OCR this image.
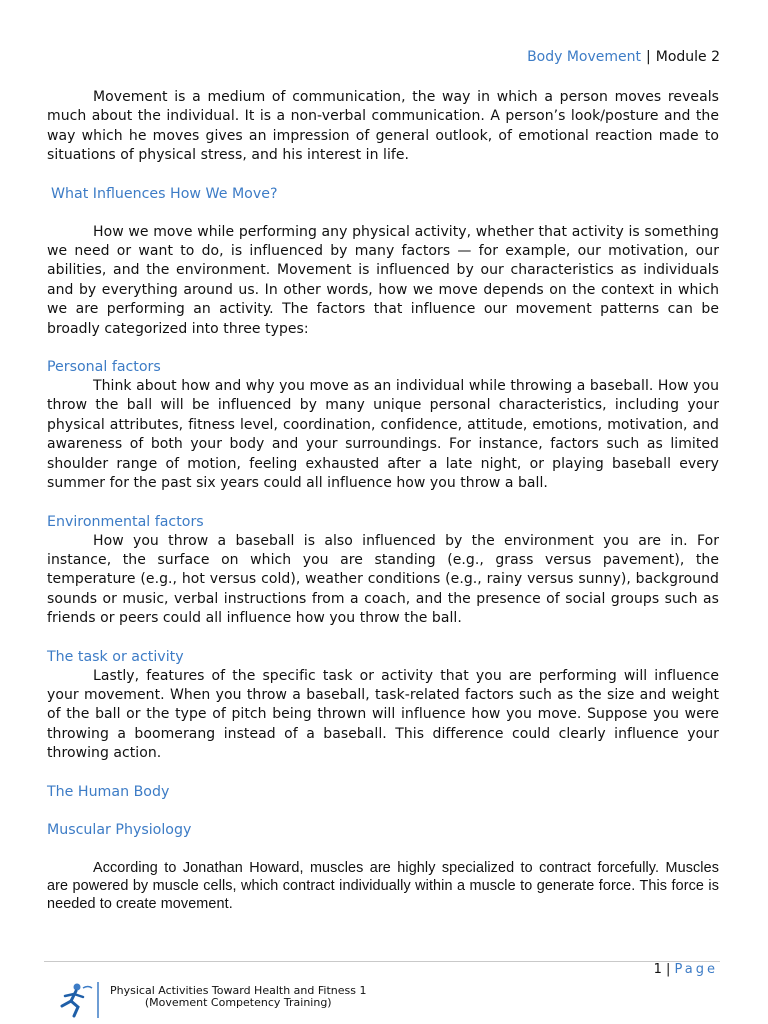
Body Movement | Module 2

Movement is a medium of communication, the way in which a person moves reveals much about the individual. It is a non-verbal communication. A person’s look/posture and the way which he moves gives an impression of general outlook, of emotional reaction made to situations of physical stress, and his interest in life.

What Influences How We Move?

How we move while performing any physical activity, whether that activity is something we need or want to do, is influenced by many factors — for example, our motivation, our abilities, and the environment. Movement is influenced by our characteristics as individuals and by everything around us. In other words, how we move depends on the context in which we are performing an activity. The factors that influence our movement patterns can be broadly categorized into three types:

Personal factors

Think about how and why you move as an individual while throwing a baseball. How you throw the ball will be influenced by many unique personal characteristics, including your physical attributes, fitness level, coordination, confidence, attitude, emotions, motivation, and awareness of both your body and your surroundings. For instance, factors such as limited shoulder range of motion, feeling exhausted after a late night, or playing baseball every summer for the past six years could all influence how you throw a ball.

Environmental factors

How you throw a baseball is also influenced by the environment you are in. For instance, the surface on which you are standing (e.g., grass versus pavement), the temperature (e.g., hot versus cold), weather conditions (e.g., rainy versus sunny), background sounds or music, verbal instructions from a coach, and the presence of social groups such as friends or peers could all influence how you throw the ball.

The task or activity

Lastly, features of the specific task or activity that you are performing will influence your movement. When you throw a baseball, task-related factors such as the size and weight of the ball or the type of pitch being thrown will influence how you move. Suppose you were throwing a boomerang instead of a baseball. This difference could clearly influence your throwing action.

The Human Body
Muscular Physiology

According to Jonathan Howard, muscles are highly specialized to contract forcefully. Muscles are powered by muscle cells, which contract individually within a muscle to generate force. This force is needed to create movement.

1 | Page
Physical Activities Toward Health and Fitness 1
(Movement Competency Training)
